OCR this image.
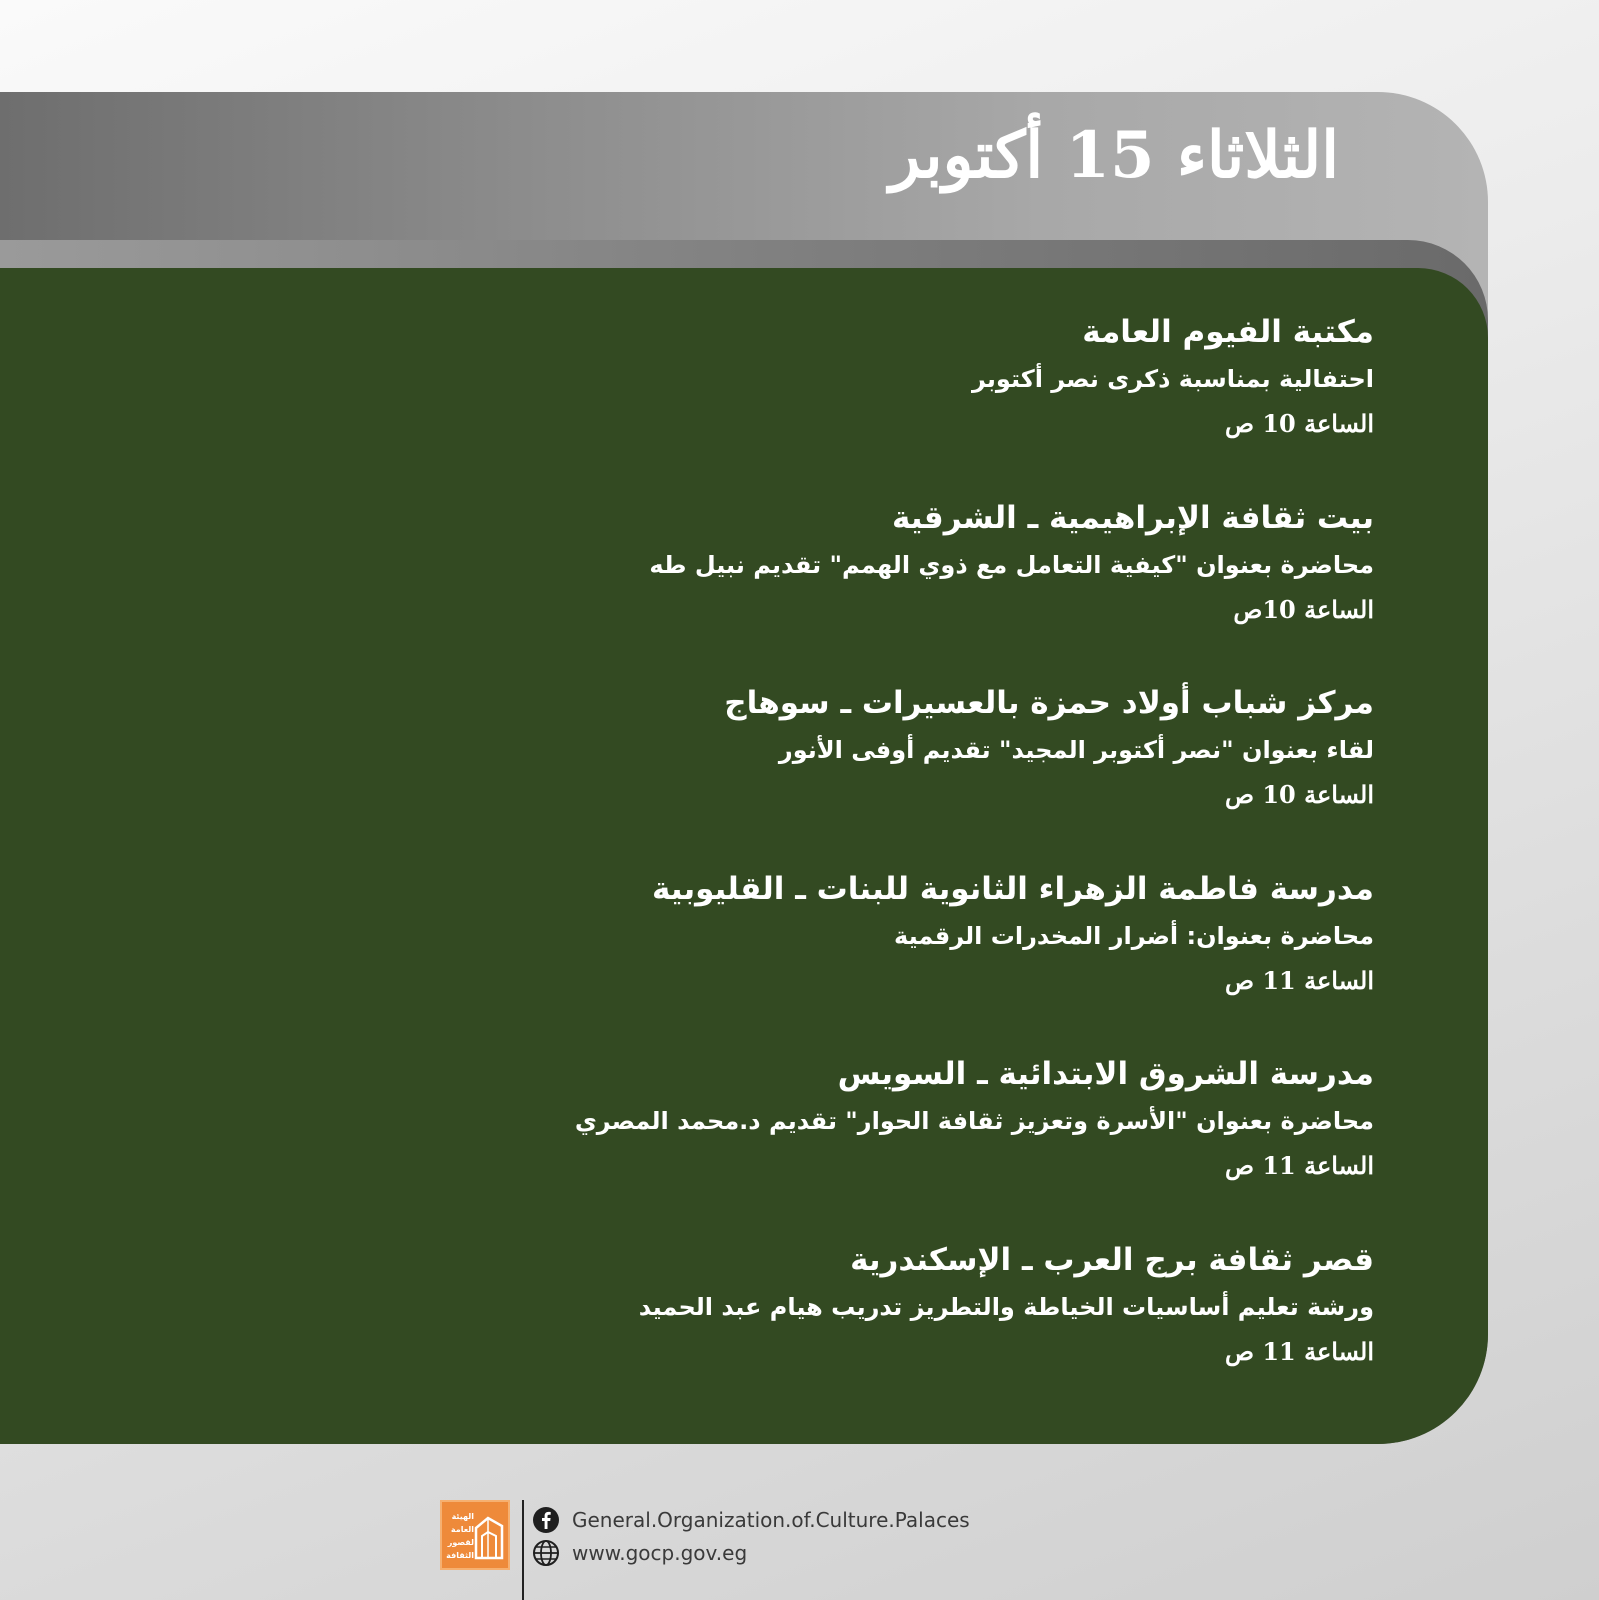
الثلاثاء 15 أكتوبر
مكتبة الفيوم العامة
احتفالية بمناسبة ذكرى نصر أكتوبر
الساعة 10 ص
بيت ثقافة الإبراهيمية ـ الشرقية
محاضرة بعنوان "كيفية التعامل مع ذوي الهمم" تقديم نبيل طه
الساعة 10ص
مركز شباب أولاد حمزة بالعسيرات ـ سوهاج
لقاء بعنوان "نصر أكتوبر المجيد" تقديم أوفى الأنور
الساعة 10 ص
مدرسة فاطمة الزهراء الثانوية للبنات ـ القليوبية
محاضرة بعنوان: أضرار المخدرات الرقمية
الساعة 11 ص
مدرسة الشروق الابتدائية ـ السويس
محاضرة بعنوان "الأسرة وتعزيز ثقافة الحوار" تقديم د.محمد المصري
الساعة 11 ص
قصر ثقافة برج العرب ـ الإسكندرية
ورشة تعليم أساسيات الخياطة والتطريز تدريب هيام عبد الحميد
الساعة 11 ص
الهيئة
العامة
لقصور
الثقافة
General.Organization.of.Culture.Palaces
www.gocp.gov.eg
